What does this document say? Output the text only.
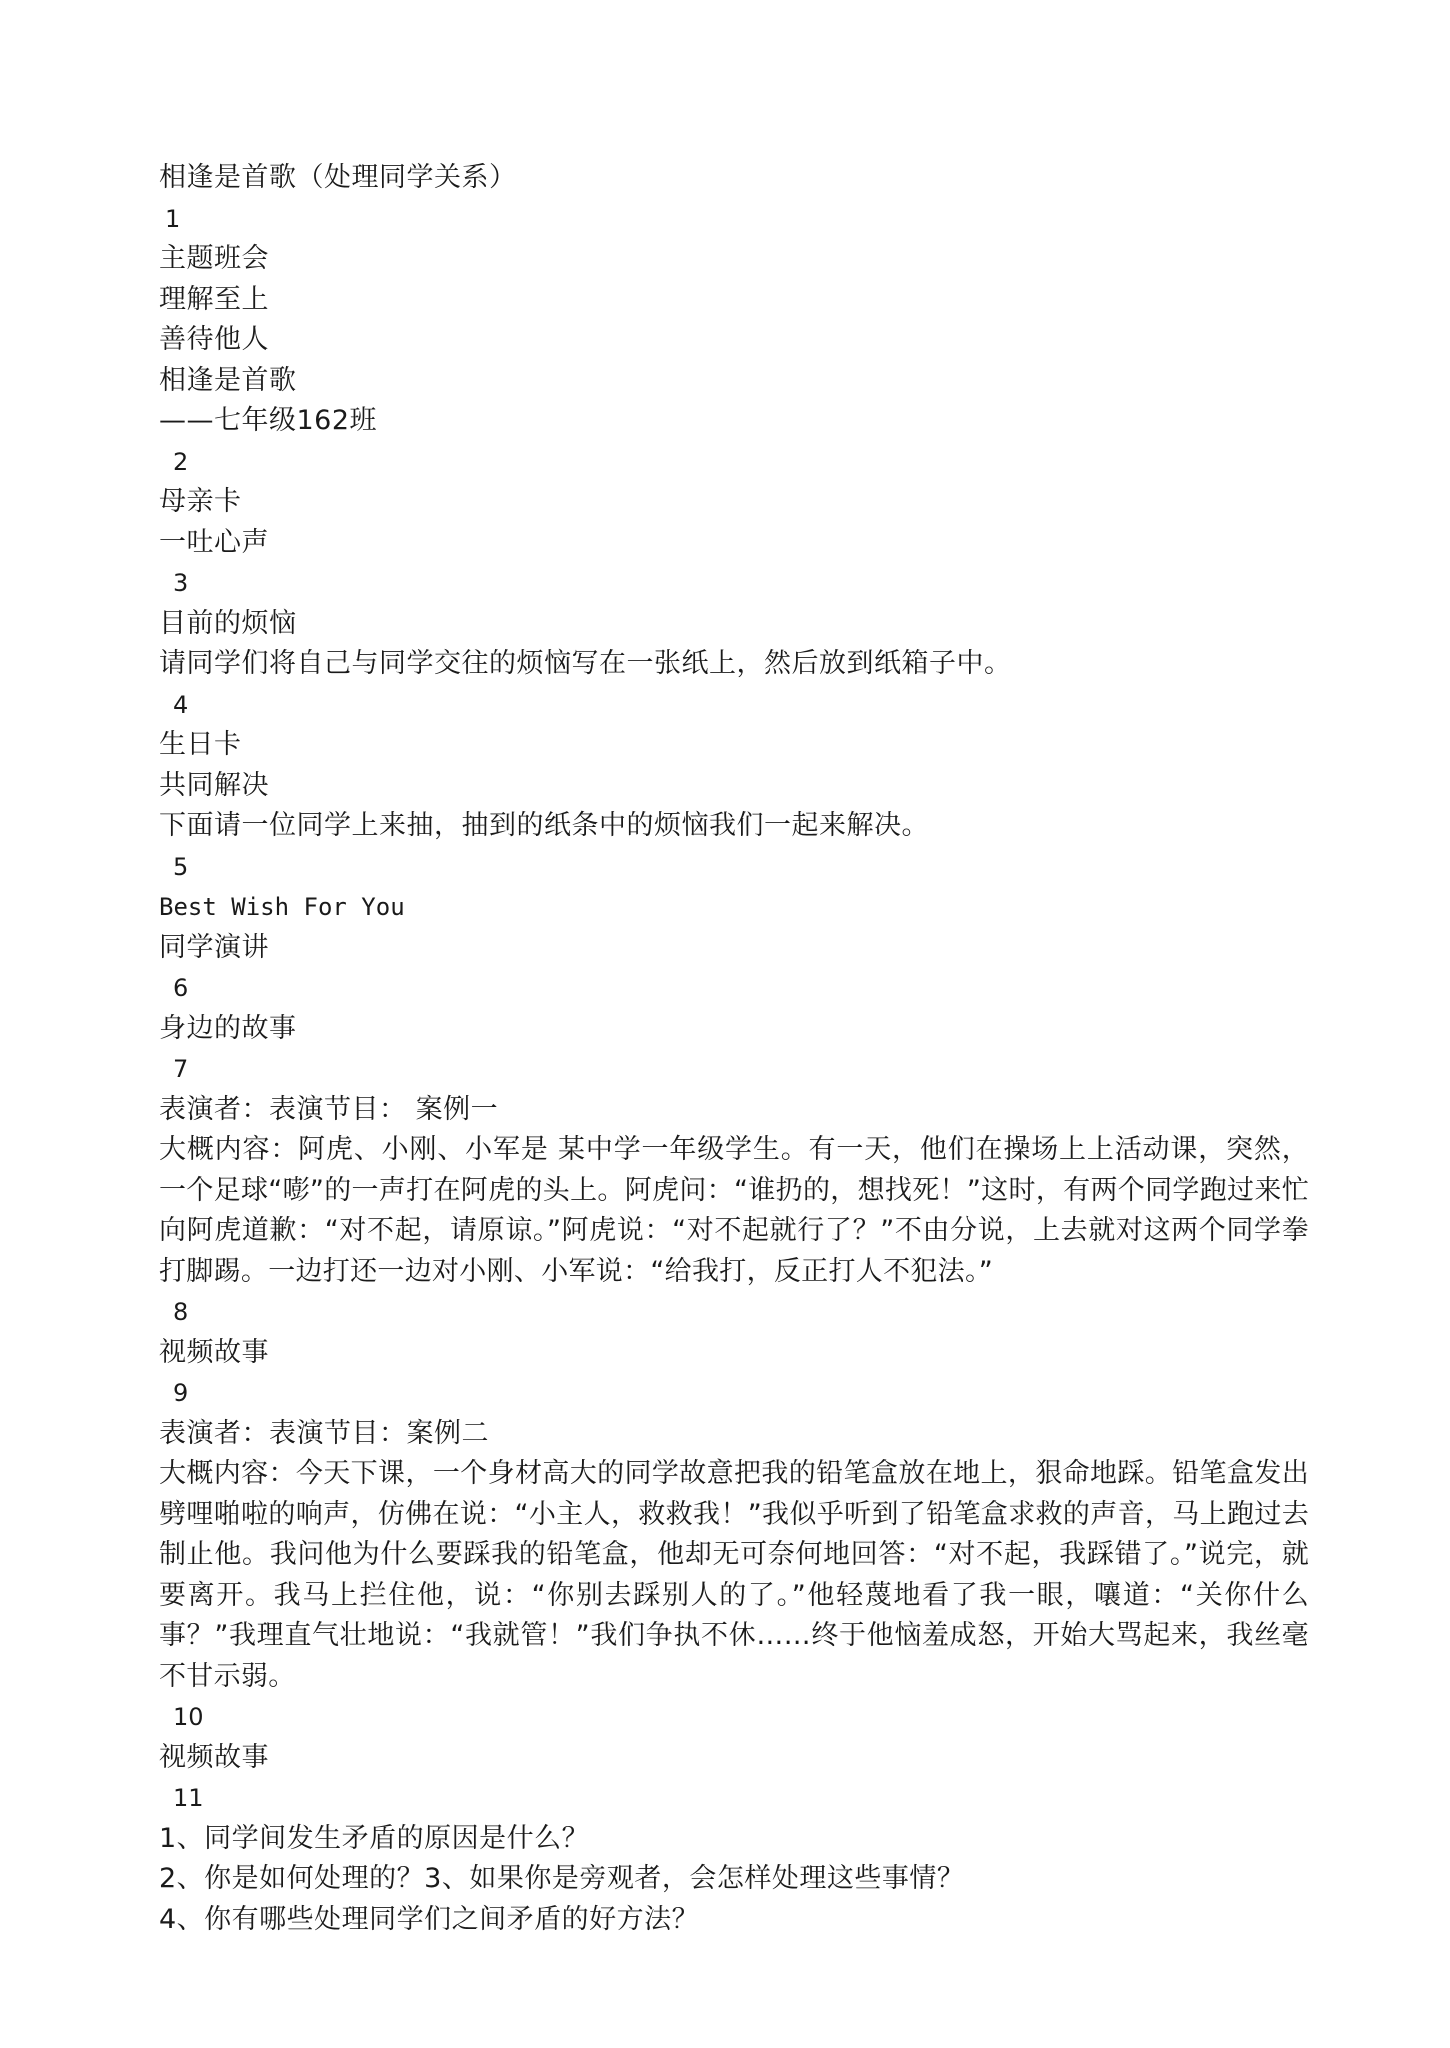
相逢是首歌（处理同学关系）
1
主题班会
理解至上
善待他人
相逢是首歌
——七年级162班
2
母亲卡
一吐心声
3
目前的烦恼
请同学们将自己与同学交往的烦恼写在一张纸上，然后放到纸箱子中。
4
生日卡
共同解决
下面请一位同学上来抽，抽到的纸条中的烦恼我们一起来解决。
5
Best Wish For You
同学演讲
6
身边的故事
7
表演者：表演节目： 案例一
大概内容：阿虎、小刚、小军是 某中学一年级学生。有一天，他们在操场上上活动课，突然，一个足球“嘭”的一声打在阿虎的头上。阿虎问：“谁扔的，想找死！”这时，有两个同学跑过来忙向阿虎道歉：“对不起，请原谅。”阿虎说：“对不起就行了？”不由分说，上去就对这两个同学拳打脚踢。一边打还一边对小刚、小军说：“给我打，反正打人不犯法。”
8
视频故事
9
表演者：表演节目：案例二
大概内容：今天下课，一个身材高大的同学故意把我的铅笔盒放在地上，狠命地踩。铅笔盒发出劈哩啪啦的响声，仿佛在说：“小主人，救救我！”我似乎听到了铅笔盒求救的声音，马上跑过去制止他。我问他为什么要踩我的铅笔盒，他却无可奈何地回答：“对不起，我踩错了。”说完，就要离开。我马上拦住他，说：“你别去踩别人的了。”他轻蔑地看了我一眼，嚷道：“关你什么事？”我理直气壮地说：“我就管！”我们争执不休……终于他恼羞成怒，开始大骂起来，我丝毫不甘示弱。
10
视频故事
11
1、同学间发生矛盾的原因是什么？
2、你是如何处理的？3、如果你是旁观者，会怎样处理这些事情？
4、你有哪些处理同学们之间矛盾的好方法？
